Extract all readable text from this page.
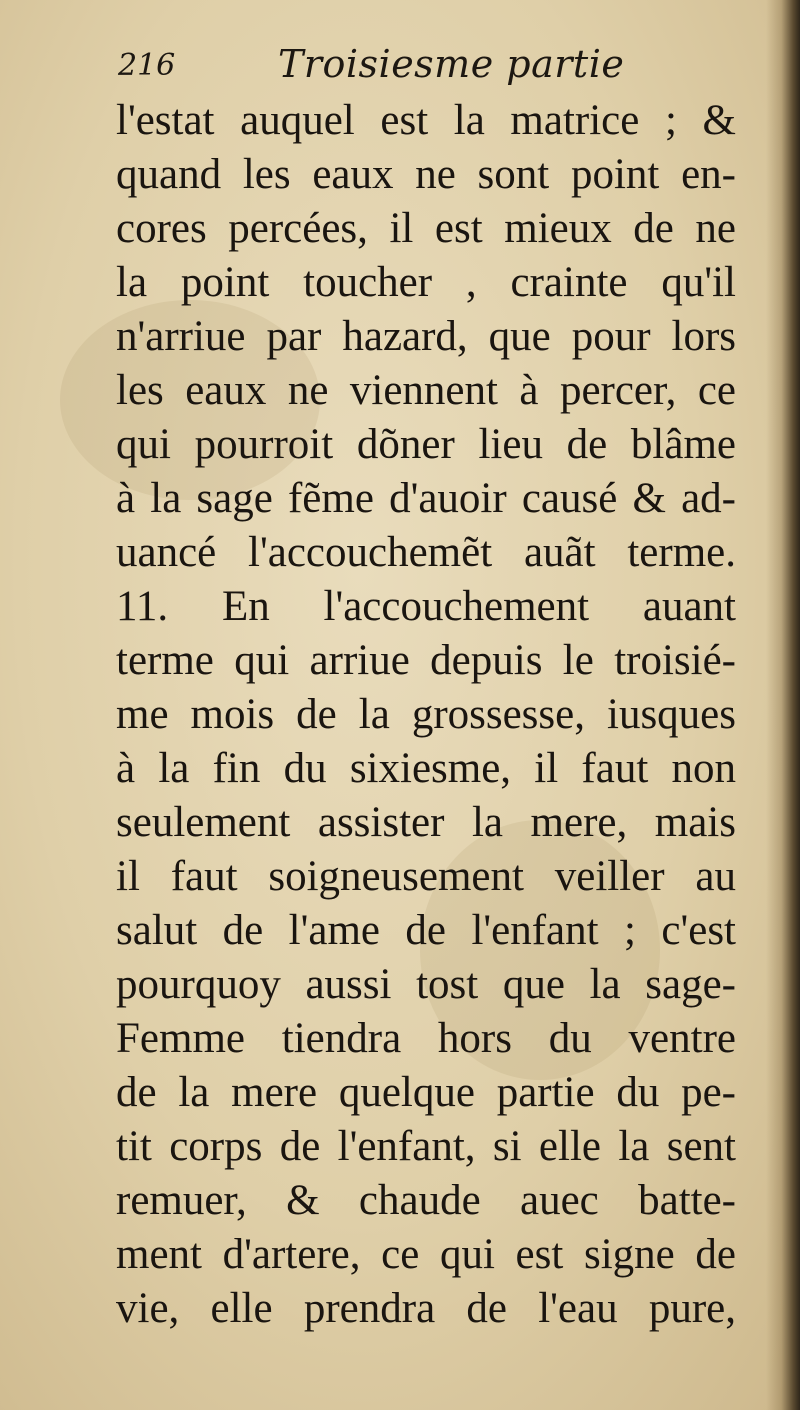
216	Troisiesme partie
l'estat auquel est la matrice ; &
quand les eaux ne sont point en-
cores percées, il est mieux de ne
la point toucher , crainte qu'il
n'arriue par hazard, que pour lors
les eaux ne viennent à percer, ce
qui pourroit dõner lieu de blâme
à la sage fẽme d'auoir causé & ad-
uancé l'accouchemẽt auãt terme.
11. En l'accouchement auant
terme qui arriue depuis le troisié-
me mois de la grossesse, iusques
à la fin du sixiesme, il faut non
seulement assister la mere, mais
il faut soigneusement veiller au
salut de l'ame de l'enfant ; c'est
pourquoy aussi tost que la sage-
Femme tiendra hors du ventre
de la mere quelque partie du pe-
tit corps de l'enfant, si elle la sent
remuer, & chaude auec batte-
ment d'artere, ce qui est signe de
vie, elle prendra de l'eau pure,
